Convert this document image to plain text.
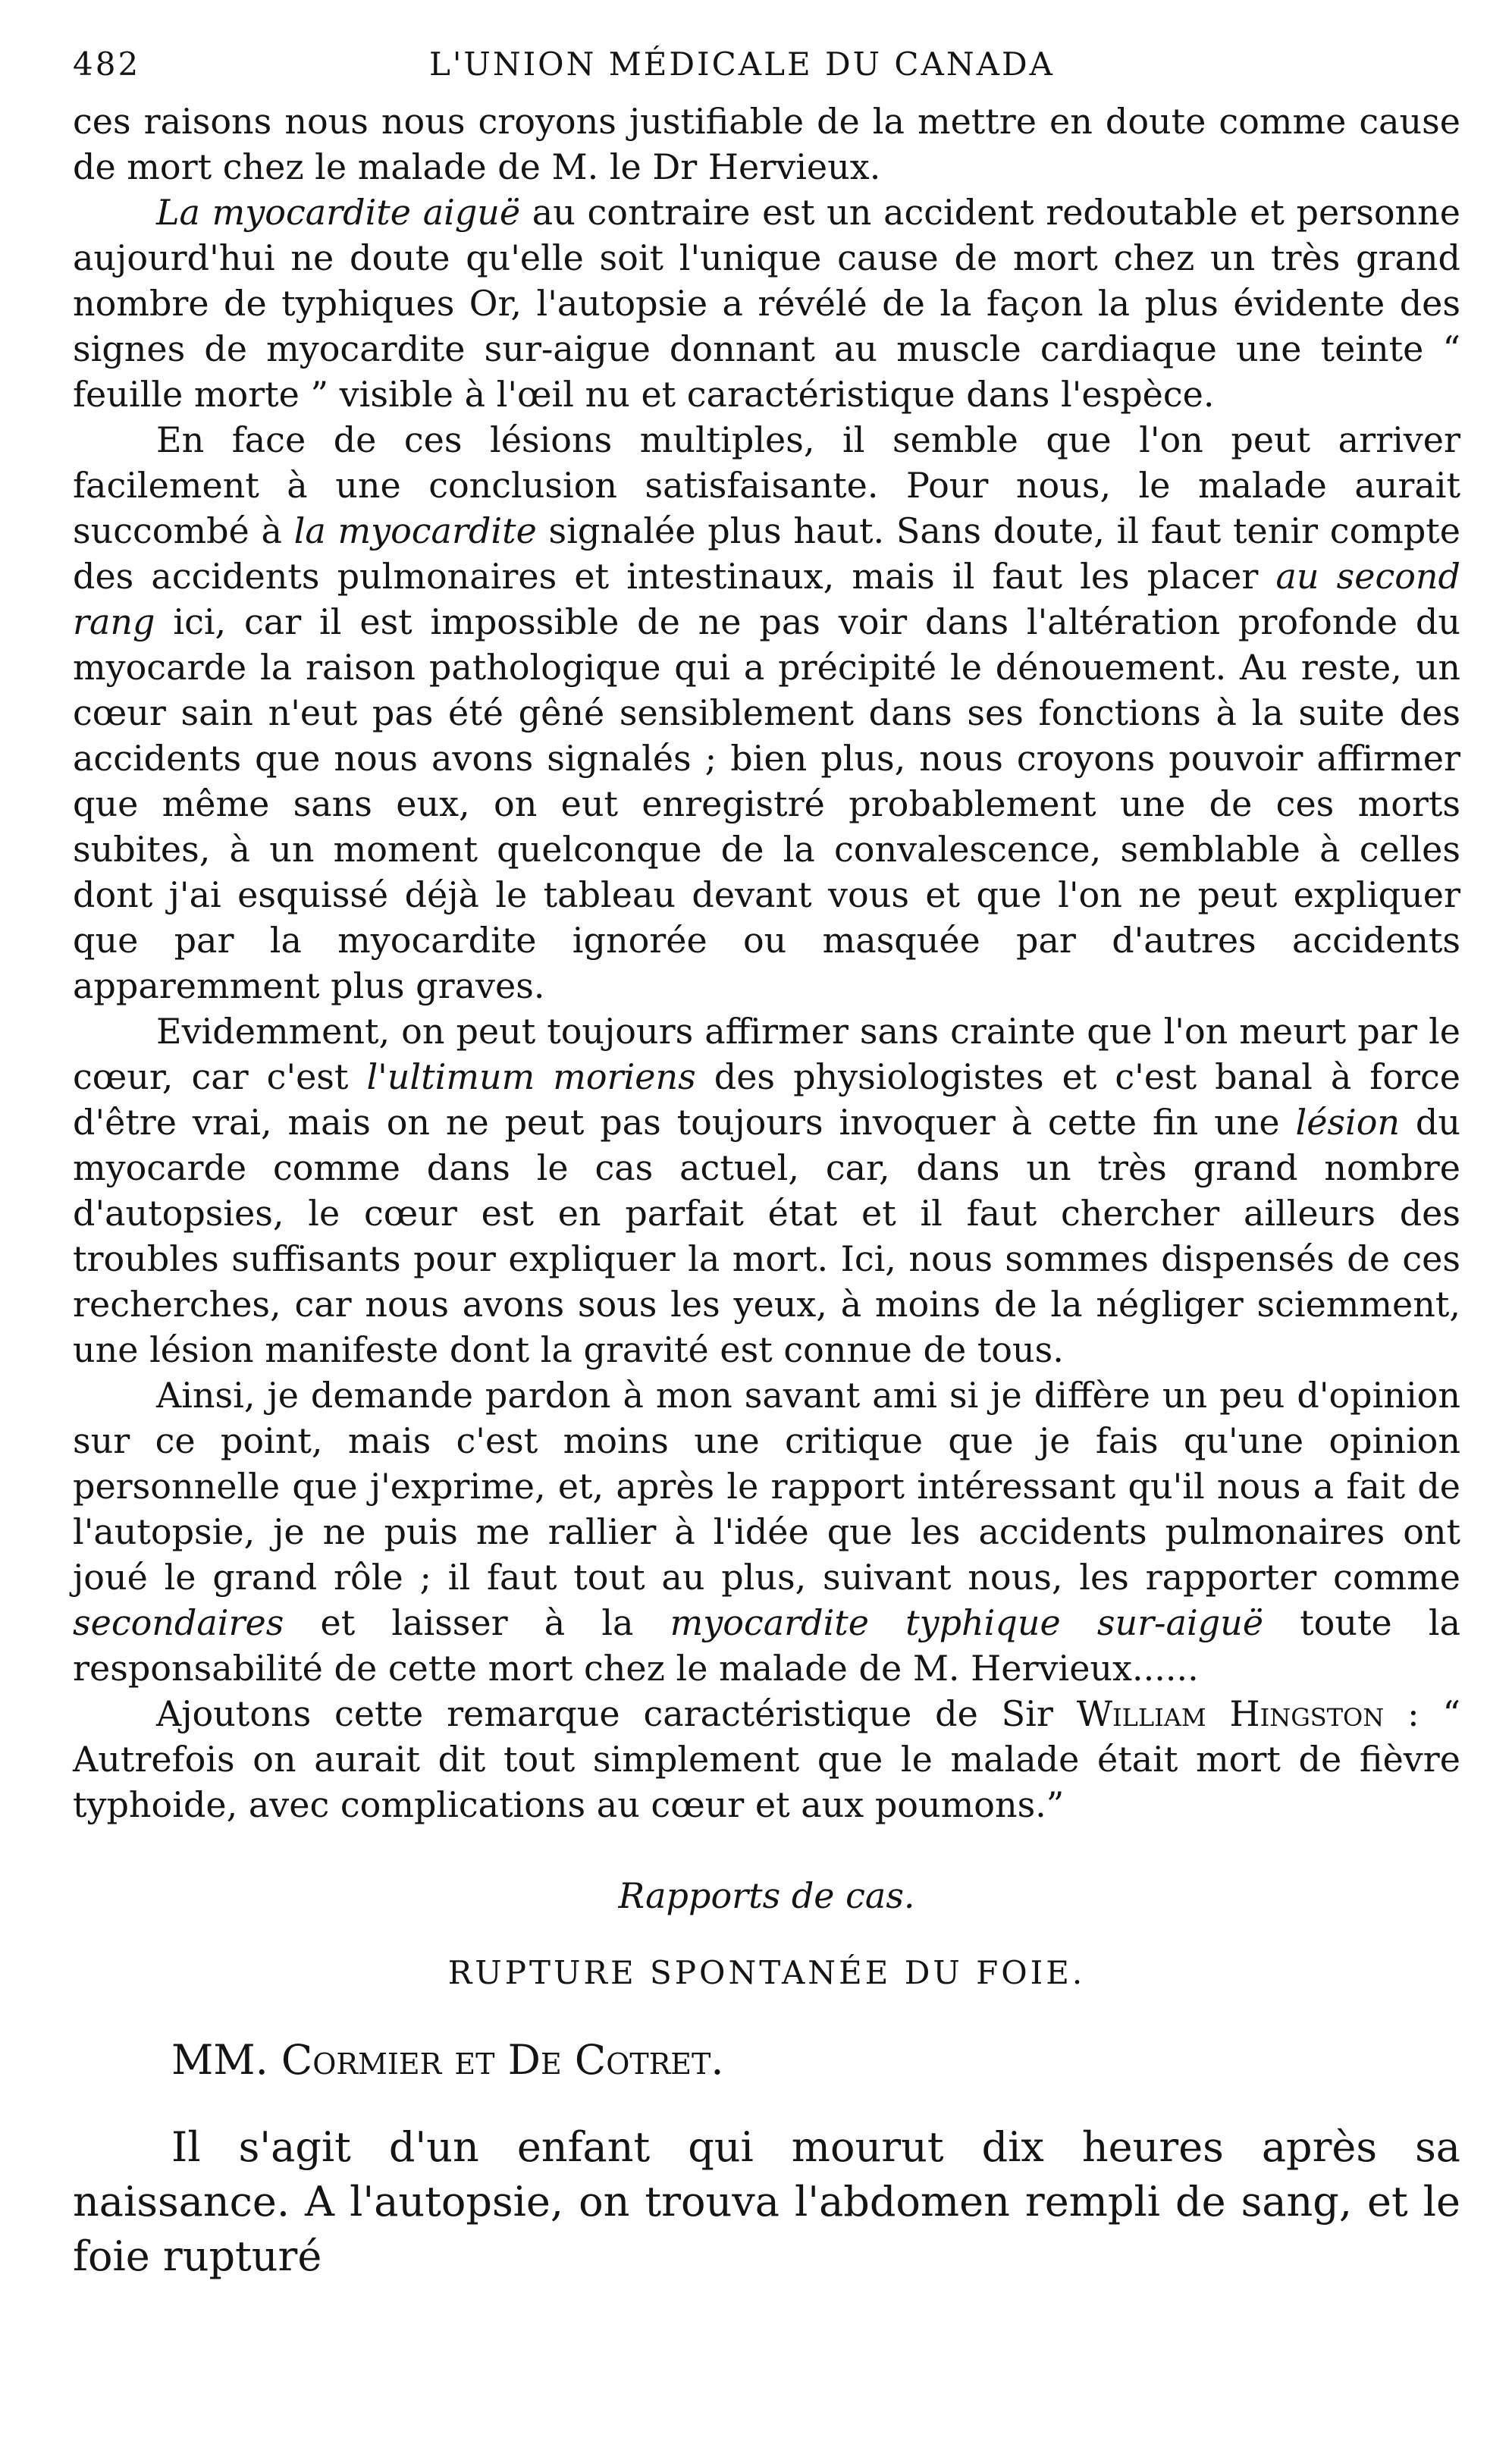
482	L'UNION MÉDICALE DU CANADA

ces raisons nous nous croyons justifiable de la mettre en doute comme cause de mort chez le malade de M. le Dr Hervieux.

La myocardite aiguë au contraire est un accident redoutable et personne aujourd'hui ne doute qu'elle soit l'unique cause de mort chez un très grand nombre de typhiques Or, l'autopsie a révélé de la façon la plus évidente des signes de myocardite sur-aigue donnant au muscle cardiaque une teinte “ feuille morte ” visible à l'œil nu et caractéristique dans l'espèce.

En face de ces lésions multiples, il semble que l'on peut arriver facilement à une conclusion satisfaisante. Pour nous, le malade aurait succombé à la myocardite signalée plus haut. Sans doute, il faut tenir compte des accidents pulmonaires et intestinaux, mais il faut les placer au second rang ici, car il est impossible de ne pas voir dans l'altération profonde du myocarde la raison pathologique qui a précipité le dénouement. Au reste, un cœur sain n'eut pas été gêné sensiblement dans ses fonctions à la suite des accidents que nous avons signalés ; bien plus, nous croyons pouvoir affirmer que même sans eux, on eut enregistré probablement une de ces morts subites, à un moment quelconque de la convalescence, semblable à celles dont j'ai esquissé déjà le tableau devant vous et que l'on ne peut expliquer que par la myocardite ignorée ou masquée par d'autres accidents apparemment plus graves.

Evidemment, on peut toujours affirmer sans crainte que l'on meurt par le cœur, car c'est l'ultimum moriens des physiologistes et c'est banal à force d'être vrai, mais on ne peut pas toujours invoquer à cette fin une lésion du myocarde comme dans le cas actuel, car, dans un très grand nombre d'autopsies, le cœur est en parfait état et il faut chercher ailleurs des troubles suffisants pour expliquer la mort. Ici, nous sommes dispensés de ces recherches, car nous avons sous les yeux, à moins de la négliger sciemment, une lésion manifeste dont la gravité est connue de tous.

Ainsi, je demande pardon à mon savant ami si je diffère un peu d'opinion sur ce point, mais c'est moins une critique que je fais qu'une opinion personnelle que j'exprime, et, après le rapport intéressant qu'il nous a fait de l'autopsie, je ne puis me rallier à l'idée que les accidents pulmonaires ont joué le grand rôle ; il faut tout au plus, suivant nous, les rapporter comme secondaires et laisser à la myocardite typhique sur-aiguë toute la responsabilité de cette mort chez le malade de M. Hervieux......

Ajoutons cette remarque caractéristique de Sir William Hingston : “ Autrefois on aurait dit tout simplement que le malade était mort de fièvre typhoide, avec complications au cœur et aux poumons.”

Rapports de cas.
RUPTURE SPONTANÉE DU FOIE.
MM. Cormier et De Cotret.

Il s'agit d'un enfant qui mourut dix heures après sa naissance. A l'autopsie, on trouva l'abdomen rempli de sang, et le foie rupturé
